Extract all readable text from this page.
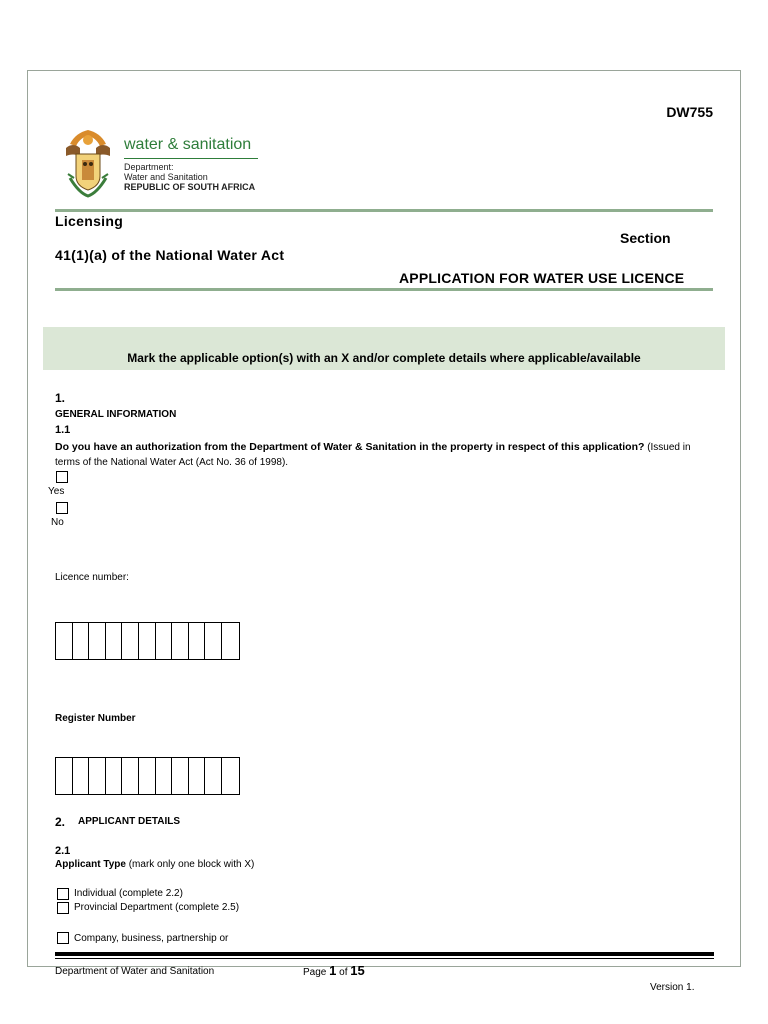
DW755
water & sanitation
Department:
Water and Sanitation
REPUBLIC OF SOUTH AFRICA
Licensing
Section
41(1)(a) of the National Water Act
APPLICATION FOR WATER USE LICENCE
Mark the applicable option(s) with an X and/or complete details where applicable/available
1.
GENERAL INFORMATION
1.1
Do you have an authorization from the Department of Water & Sanitation in the property in respect of this application? (Issued in terms of the National Water Act (Act No. 36 of 1998).
Yes
No
Licence number:
Register Number
2. APPLICANT DETAILS
2.1
Applicant Type (mark only one block with X)
Individual (complete 2.2)
Provincial Department (complete 2.5)
Company, business, partnership or
Department of Water and Sanitation	Page 1 of 15
Version 1.
